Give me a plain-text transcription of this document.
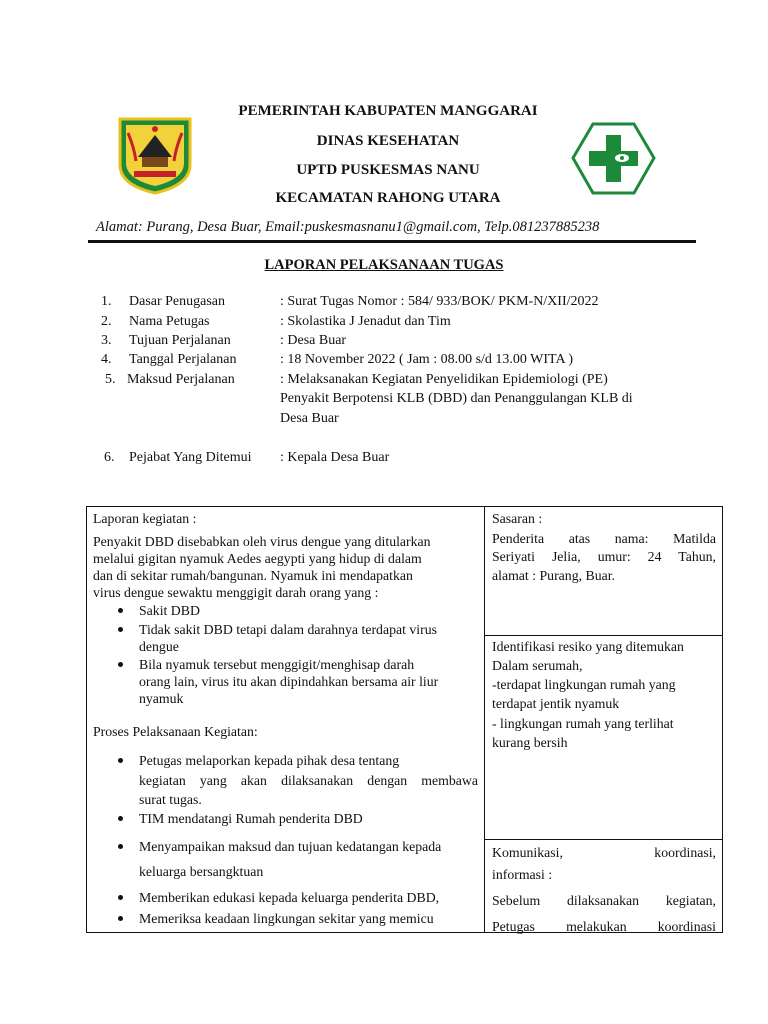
PEMERINTAH KABUPATEN MANGGARAI
DINAS KESEHATAN
UPTD PUSKESMAS NANU
KECAMATAN RAHONG UTARA
Alamat: Purang, Desa Buar, Email:puskesmasnanu1@gmail.com, Telp.081237885238
LAPORAN PELAKSANAAN TUGAS
1. Dasar Penugasan	: Surat Tugas Nomor : 584/ 933/BOK/ PKM-N/XII/2022
2. Nama Petugas	: Skolastika J Jenadut dan Tim
3. Tujuan Perjalanan	: Desa Buar
4. Tanggal Perjalanan	: 18 November 2022 ( Jam : 08.00 s/d 13.00 WITA )
5. Maksud Perjalanan	: Melaksanakan Kegiatan Penyelidikan Epidemiologi (PE)
Penyakit Berpotensi KLB (DBD) dan Penanggulangan KLB di
Desa Buar
6. Pejabat Yang Ditemui : Kepala Desa Buar
Laporan kegiatan :
Penyakit DBD disebabkan oleh virus dengue yang ditularkan
melalui gigitan nyamuk Aedes aegypti yang hidup di dalam
dan di sekitar rumah/bangunan. Nyamuk ini mendapatkan
virus dengue sewaktu menggigit darah orang yang :
Sakit DBD
Tidak sakit DBD tetapi dalam darahnya terdapat virus
dengue
Bila nyamuk tersebut menggigit/menghisap darah
orang lain, virus itu akan dipindahkan bersama air liur
nyamuk
Proses Pelaksanaan Kegiatan:
Petugas melaporkan kepada pihak desa tentang
kegiatan yang akan dilaksanakan dengan membawa
surat tugas.
TIM mendatangi Rumah penderita DBD
Menyampaikan maksud dan tujuan kedatangan kepada
keluarga bersangktuan
Memberikan edukasi kepada keluarga penderita DBD,
Memeriksa keadaan lingkungan sekitar yang memicu
Sasaran :
Penderita atas nama: Matilda
Seriyati Jelia, umur: 24 Tahun,
alamat : Purang, Buar.
Identifikasi resiko yang ditemukan
Dalam serumah,
-terdapat lingkungan rumah yang
terdapat jentik nyamuk
- lingkungan rumah yang terlihat
kurang bersih
Komunikasi, koordinasi,
informasi :
Sebelum dilaksanakan kegiatan,
Petugas melakukan koordinasi
